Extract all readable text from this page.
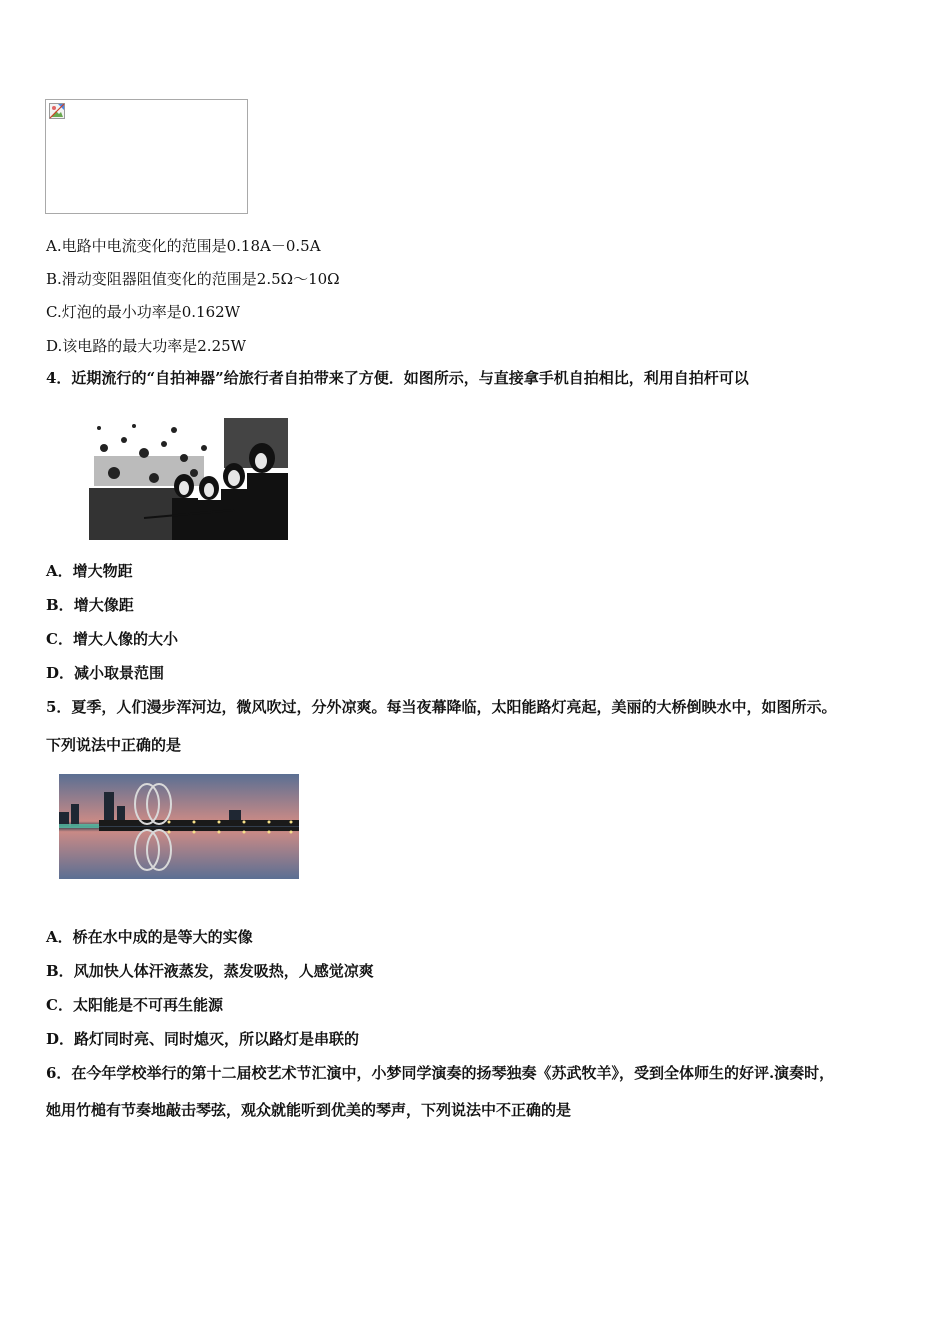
A.电路中电流变化的范围是0.18A－0.5A
B.滑动变阻器阻值变化的范围是2.5Ω～10Ω
C.灯泡的最小功率是0.162W
D.该电路的最大功率是2.25W
4．近期流行的“自拍神器”给旅行者自拍带来了方便．如图所示，与直接拿手机自拍相比，利用自拍杆可以
A．增大物距
B．增大像距
C．增大人像的大小
D．减小取景范围
5．夏季，人们漫步浑河边，微风吹过，分外凉爽。每当夜幕降临，太阳能路灯亮起，美丽的大桥倒映水中，如图所示。
下列说法中正确的是
A．桥在水中成的是等大的实像
B．风加快人体汗液蒸发，蒸发吸热，人感觉凉爽
C．太阳能是不可再生能源
D．路灯同时亮、同时熄灭，所以路灯是串联的
6．在今年学校举行的第十二届校艺术节汇演中，小梦同学演奏的扬琴独奏《苏武牧羊》，受到全体师生的好评.演奏时，
她用竹槌有节奏地敲击琴弦，观众就能听到优美的琴声，下列说法中不正确的是
